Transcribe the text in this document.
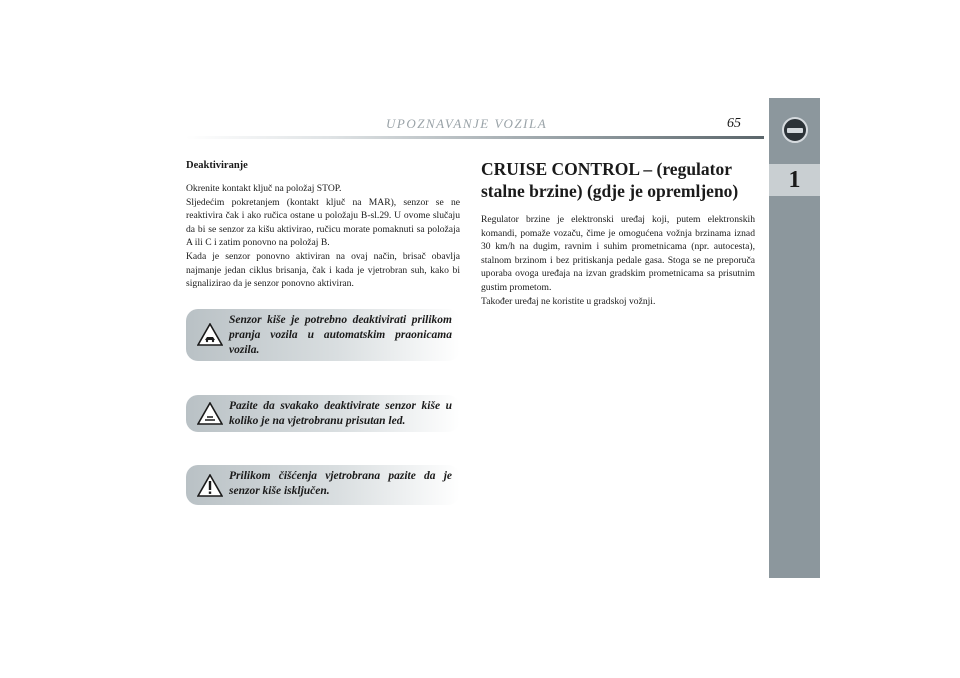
UPOZNAVANJE VOZILA	65
1
Deaktiviranje

Okrenite kontakt ključ na položaj STOP.

Sljedećim pokretanjem (kontakt ključ na MAR), senzor se ne reaktivira čak i ako ručica ostane u položaju B-sl.29. U ovome slučaju da bi se senzor za kišu aktivirao, ručicu morate pomaknuti sa položaja A ili C i zatim ponovno na položaj B.

Kada je senzor ponovno aktiviran na ovaj način, brisač obavlja najmanje jedan ciklus brisanja, čak i kada je vjetrobran suh, kako bi signalizirao da je senzor ponovno aktiviran.

Senzor kiše je potrebno deaktivirati prilikom pranja vozila u automatskim praonicama vozila.
Pazite da svakako deaktivirate senzor kiše u koliko je na vjetrobranu prisutan led.
Prilikom čišćenja vjetrobrana pazite da je senzor kiše isključen.
CRUISE CONTROL – (regulator stalne brzine) (gdje je opremljeno)

Regulator brzine je elektronski uređaj koji, putem elektronskih komandi, pomaže vozaču, čime je omogućena vožnja brzinama iznad 30 km/h na dugim, ravnim i suhim prometnicama (npr. autocesta), stalnom brzinom i bez pritiskanja pedale gasa. Stoga se ne preporuča uporaba ovoga uređaja na izvan gradskim prometnicama sa prisutnim gustim prometom.

Također uređaj ne koristite u gradskoj vožnji.
